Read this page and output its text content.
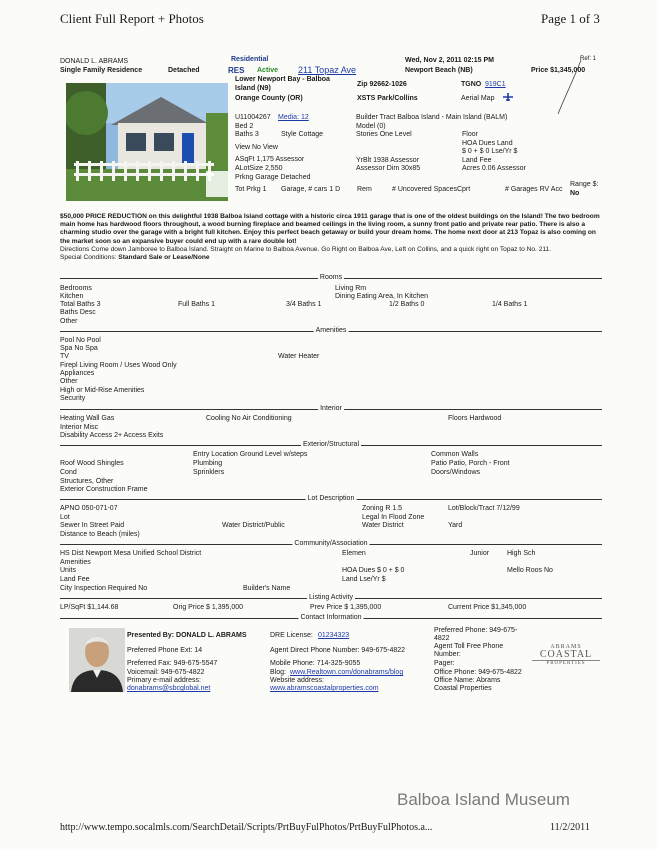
Client Full Report + Photos	Page 1 of 3
DONALD L. ABRAMS	Residential	Wed, Nov 2, 2011 02:15 PM	Ref: 1
Single Family Residence	Detached	RES Active 211 Topaz Ave	Newport Beach (NB)	Price $1,345,000
Lower Newport Bay - Balboa
Island (N9)
Orange County (OR)
Zip 92662-1026	TGNO 919C1
XSTS Park/Collins	Aerial Map
U11004267 Media: 12
Bed 2
Baths 3	Style Cottage
View No View
ASqFt 1,175 Assessor
ALotSize 2,550
Prkng Garage Detached
Builder Tract Balboa Island - Main Island (BALM)
Model (0)
Stories One Level	Floor
HOA Dues Land
$ 0 + $ 0 Lse/Yr $
YrBlt 1938 Assessor	Land Fee
Assessor Dim 30x85	Acres 0.06 Assessor
Tot Prkg 1 Garage, # cars 1 D Rem	# Uncovered SpacesCprt	# Garages RV Acc
Range $:
No
$50,000 PRICE REDUCTION on this delightful 1938 Balboa Island cottage with a historic circa 1911 garage that is one of the oldest buildings on the Island! The two bedroom main home has hardwood floors throughout, a wood burning fireplace and beamed ceilings in the living room, a sunny front patio and private rear patio. There is also a charming studio over the garage with a bright full kitchen. Enjoy this perfect beach getaway or build your dream home. The home next door at 213 Topaz is also coming on the market soon so an expansive buyer could end up with a rare double lot!
Directions Come down Jamboree to Balboa Island. Straight on Marine to Balboa Avenue. Go Right on Balboa Ave, Left on Collins, and a quick right on Topaz to No. 211.
Special Conditions: Standard Sale or Lease/None
Rooms
Bedrooms	Living Rm
Kitchen	Dining Eating Area, In Kitchen
Total Baths 3	Full Baths 1	3/4 Baths 1	1/2 Baths 0	1/4 Baths 1
Baths Desc
Other
Amenities
Pool No Pool
Spa No Spa
TV	Water Heater
Firepl Living Room / Uses Wood Only
Appliances
Other
High or Mid-Rise Amenities
Security
Interior
Heating Wall Gas	Cooling No Air Conditioning	Floors Hardwood
Interior Misc
Disability Access 2+ Access Exits
Exterior/Structural
Entry Location Ground Level w/steps	Common Walls
Roof Wood Shingles	Plumbing	Patio Patio, Porch - Front
Cond	Sprinklers	Doors/Windows
Structures, Other
Exterior Construction Frame
Lot Description
APNO 050-071-07	Zoning R 1.5	Lot/Block/Tract 7/12/99
Lot	Legal In Flood Zone
Sewer In Street Paid	Water District/Public	Water District	Yard
Distance to Beach (miles)
Community/Association
HS Dist Newport Mesa Unified School District	Elemen	Junior	High Sch
Amenities
Units	HOA Dues $ 0 + $ 0	Mello Roos No
Land Fee	Land Lse/Yr $
City Inspection Required No	Builder's Name
Listing Activity
LP/SqFt $1,144.68	Orig Price $ 1,395,000	Prev Price $ 1,395,000	Current Price $1,345,000
Contact Information
Presented By: DONALD L. ABRAMS	DRE License: 01234323
Preferred Phone: 949-675-
4822
Preferred Phone Ext: 14	Agent Direct Phone Number: 949-675-4822
Agent Toll Free Phone
Number:
Preferred Fax: 949-675-5547	Mobile Phone: 714-325-9055	Pager:
Voicemail: 949-675-4822	Blog: www.Realtown.com/donabrams/blog	Office Phone: 949-675-4822
Primary e-mail address:	Website address:	Office Name: Abrams
donabrams@sbcglobal.net	www.abramscoastalproperties.com	Coastal Properties
ABRAMS
COASTAL
PROPERTIES
Balboa Island Museum
http://www.tempo.socalmls.com/SearchDetail/Scripts/PrtBuyFulPhotos/PrtBuyFulPhotos.a...	11/2/2011
